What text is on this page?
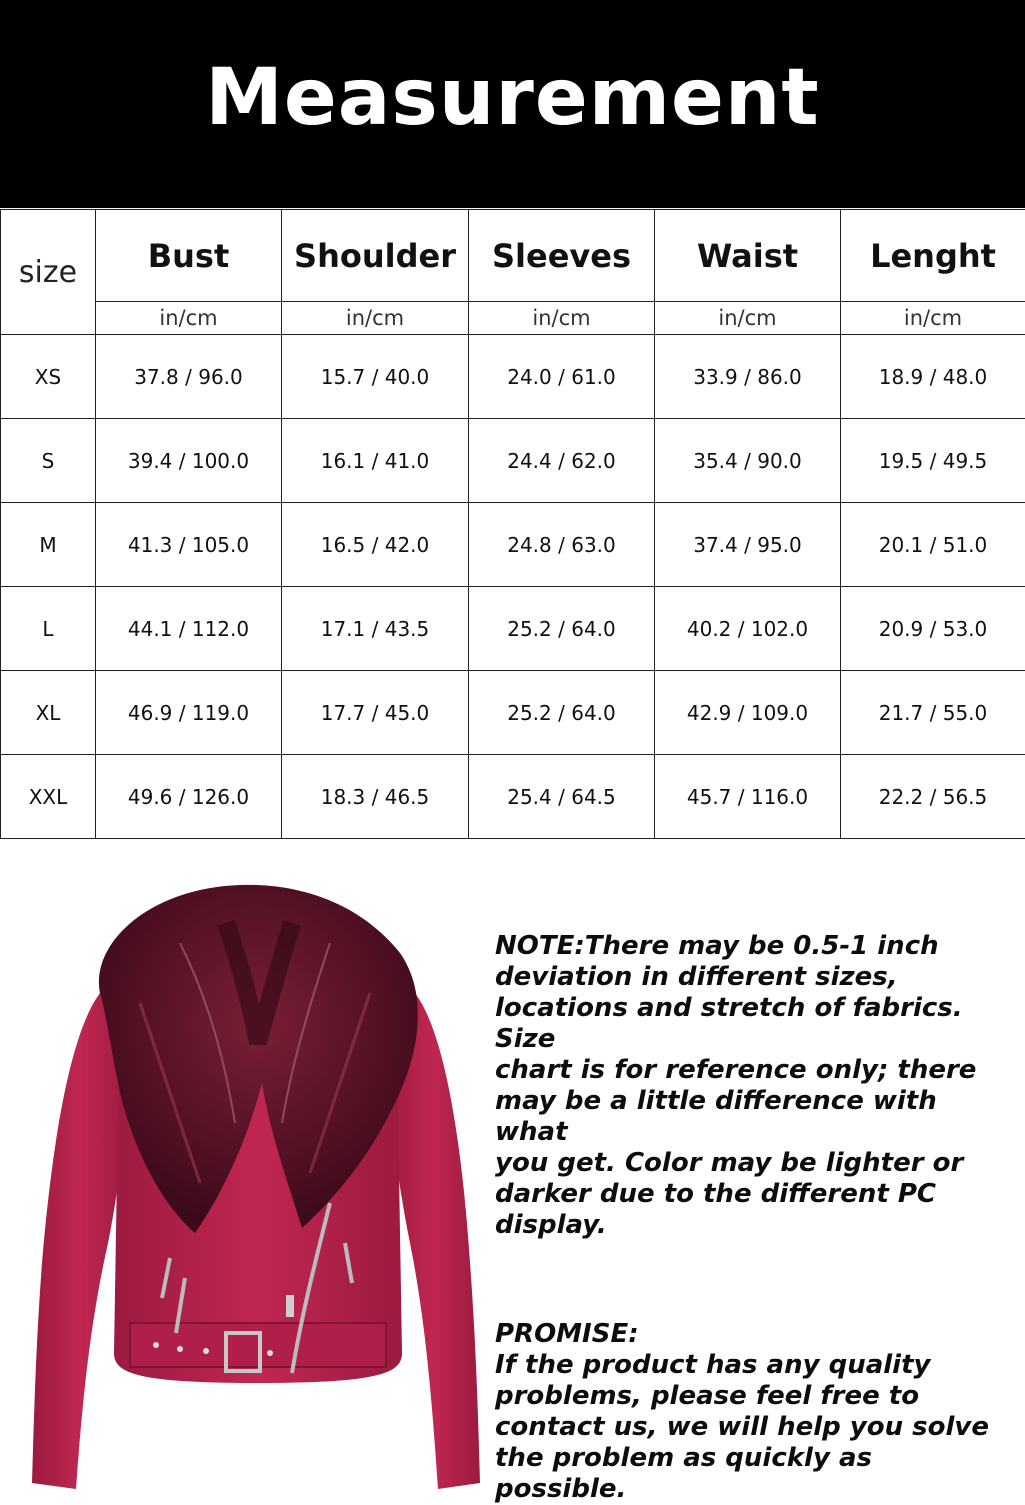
Measurement
size	Bust	Shoulder	Sleeves	Waist	Lenght
	in/cm	in/cm	in/cm	in/cm	in/cm
XS	37.8 / 96.0	15.7 / 40.0	24.0 / 61.0	33.9 / 86.0	18.9 / 48.0
S	39.4 / 100.0	16.1 / 41.0	24.4 / 62.0	35.4 / 90.0	19.5 / 49.5
M	41.3 / 105.0	16.5 / 42.0	24.8 / 63.0	37.4 / 95.0	20.1 / 51.0
L	44.1 / 112.0	17.1 / 43.5	25.2 / 64.0	40.2 / 102.0	20.9 / 53.0
XL	46.9 / 119.0	17.7 / 45.0	25.2 / 64.0	42.9 / 109.0	21.7 / 55.0
XXL	49.6 / 126.0	18.3 / 46.5	25.4 / 64.5	45.7 / 116.0	22.2 / 56.5

NOTE:There may be 0.5-1 inch
deviation in different sizes,
locations and stretch of fabrics. Size
chart is for reference only; there
may be a little difference with what
you get. Color may be lighter or
darker due to the different PC
display.

PROMISE:

If the product has any quality
problems, please feel free to
contact us, we will help you solve
the problem as quickly as possible.
